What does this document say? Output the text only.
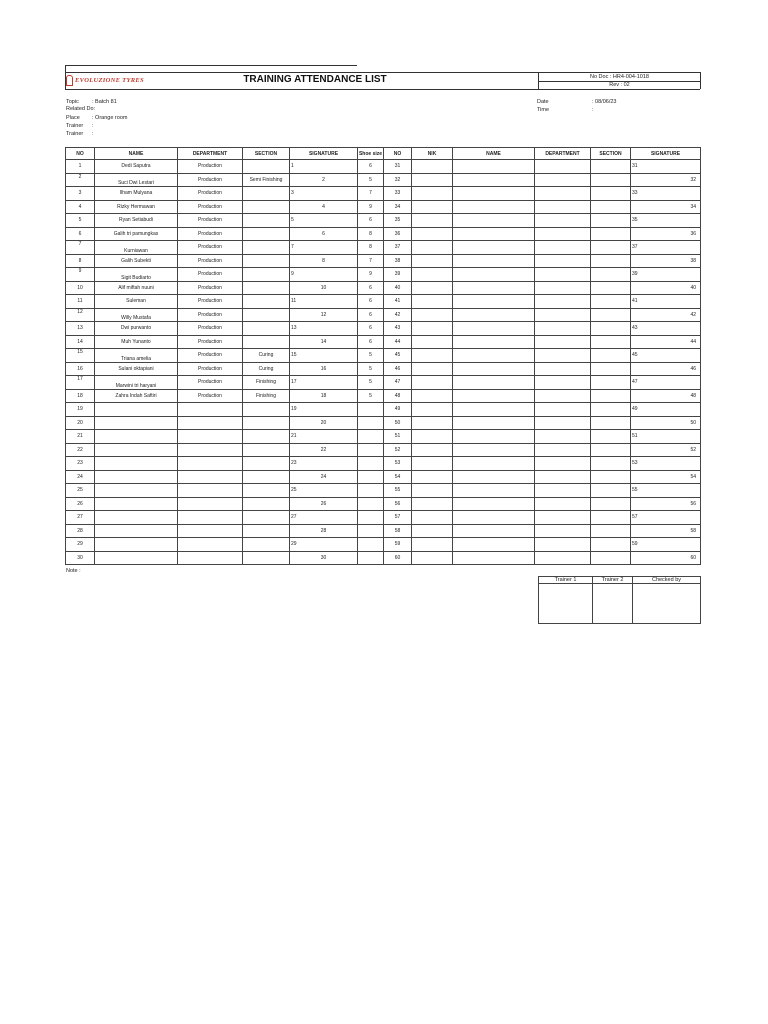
EVOLUZIONE TYRES	TRAINING ATTENDANCE LIST	No Doc : HR4-004-1018
Rev : 02
Topic : Batch 81
Related Do:
Place : Orange room
Trainer :
Trainer :
Date	: 08/06/23
Time	:
NO	NAME	DEPARTMENT	SECTION	SIGNATURE	Shoe size	NO	NIK	NAME	DEPARTMENT	SECTION	SIGNATURE
1	Dedi Saputra	Production		1	6	31					31
2	Suci Dwi Lestari	Production	Semi Finishing	2	5	32					32
3	Ilham Mulyana	Production		3	7	33					33
4	Rizky Hermawan	Production		4	9	34					34
5	Ryan Setiabudi	Production		5	6	35					35
6	Galih tri pamungkas	Production		6	8	36					36
7	Kurniawan	Production		7	8	37					37
8	Galih Subekti	Production		8	7	38					38
9	Sigit Budiarto	Production		9	9	39					39
10	Alif miftah nuuni	Production		10	6	40					40
11	Suleman	Production		11	6	41					41
12	Willy Mustafa	Production		12	6	42					42
13	Dwi purwanto	Production		13	6	43					43
14	Muh Yunanto	Production		14	6	44					44
15	Triana amelia	Production	Curing	15	5	45					45
16	Sulani oktapiani	Production	Curing	16	5	46					46
17	Marwini tri haryani	Production	Finishing	17	5	47					47
18	Zahra Indah Saftiri	Production	Finishing	18	5	48					48
19				19		49					49
20				20		50					50
21				21		51					51
22				22		52					52
23				23		53					53
24				24		54					54
25				25		55					55
26				26		56					56
27				27		57					57
28				28		58					58
29				29		59					59
30				30		60					60
Note :
Trainer 1	Trainer 2	Checked by
